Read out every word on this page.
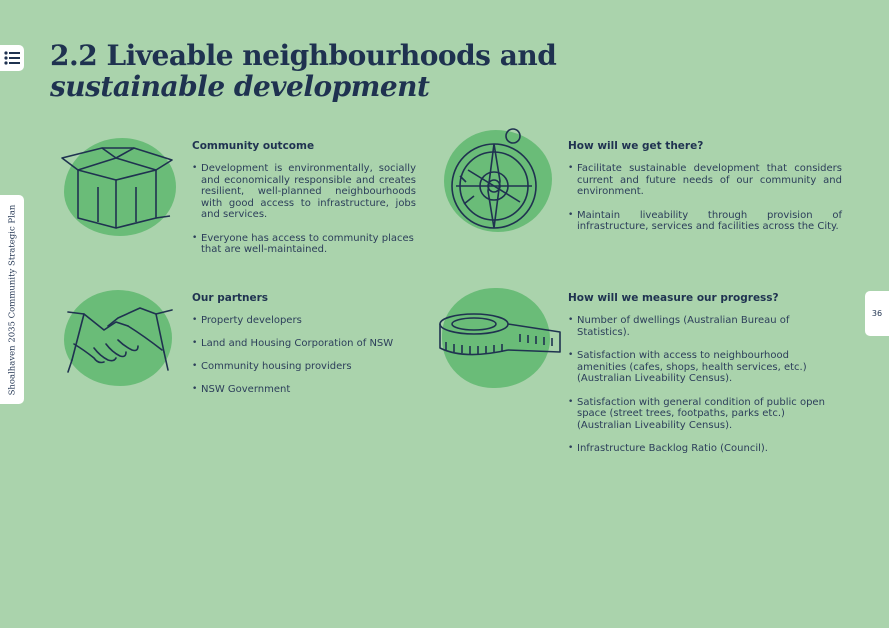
Shoalhaven 2035 Community Strategic Plan	36
2.2 Liveable neighbourhoods and
sustainable development
Community outcome
• Development is environmentally, socially and economically responsible and creates resilient, well-planned neighbourhoods with good access to infrastructure, jobs and services.
• Everyone has access to community places that are well-maintained.
How will we get there?
• Facilitate sustainable development that considers current and future needs of our community and environment.
• Maintain liveability through provision of infrastructure, services and facilities across the City.
Our partners
• Property developers
• Land and Housing Corporation of NSW
• Community housing providers
• NSW Government
How will we measure our progress?
• Number of dwellings (Australian Bureau of Statistics).
• Satisfaction with access to neighbourhood amenities (cafes, shops, health services, etc.) (Australian Liveability Census).
• Satisfaction with general condition of public open space (street trees, footpaths, parks etc.) (Australian Liveability Census).
• Infrastructure Backlog Ratio (Council).
